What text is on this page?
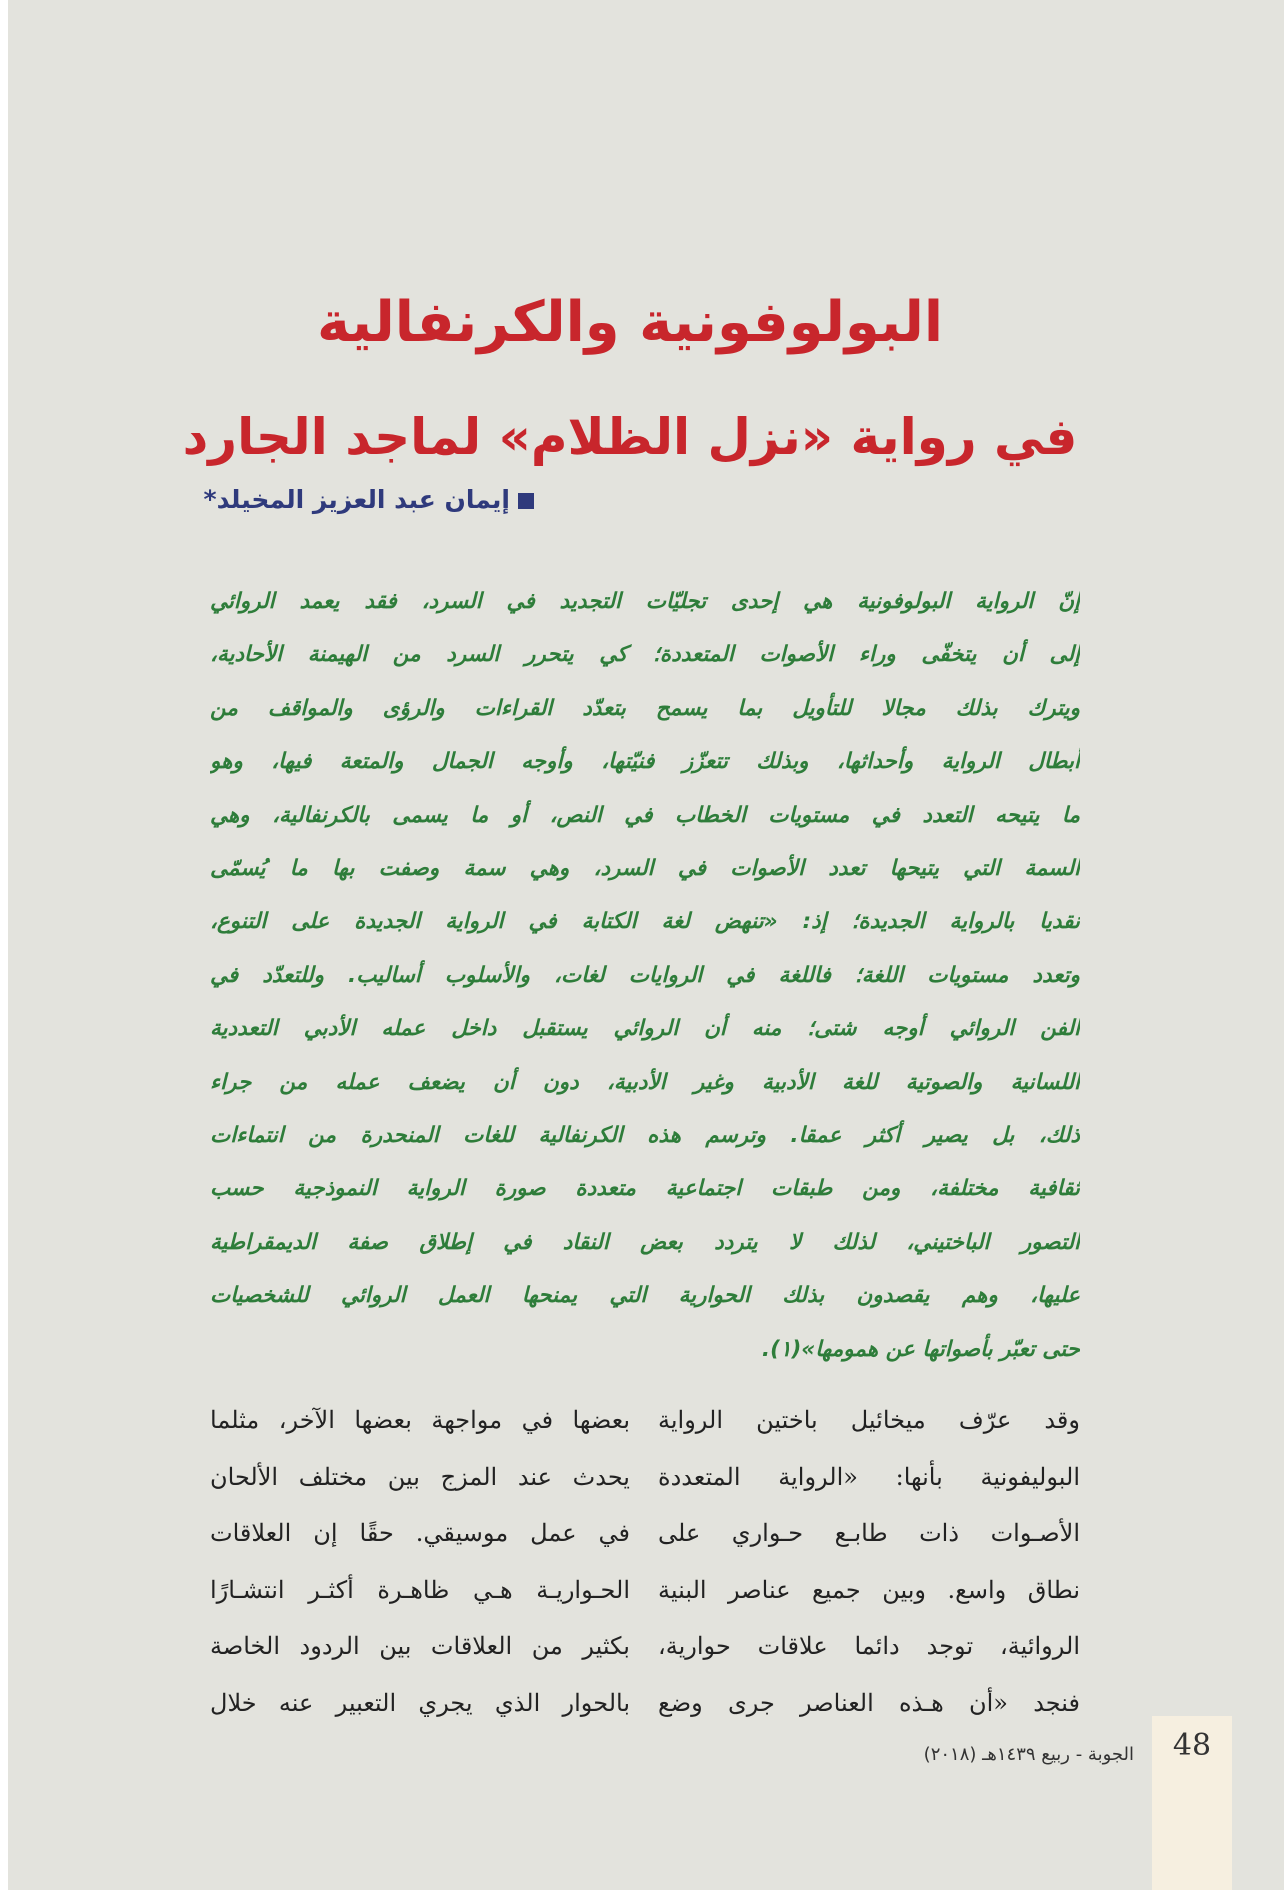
البولوفونية والكرنفالية
في رواية «نزل الظلام» لماجد الجارد
إيمان عبد العزيز المخيلد*
إنّ الرواية البولوفونية هي إحدى تجليّات التجديد في السرد، فقد يعمد الروائي
إلى أن يتخفّى وراء الأصوات المتعددة؛ كي يتحرر السرد من الهيمنة الأحادية،
ويترك بذلك مجالا للتأويل بما يسمح بتعدّد القراءات والرؤى والمواقف من
أبطال الرواية وأحداثها، وبذلك تتعزّز فنيّتها، وأوجه الجمال والمتعة فيها، وهو
ما يتيحه التعدد في مستويات الخطاب في النص، أو ما يسمى بالكرنفالية، وهي
السمة التي يتيحها تعدد الأصوات في السرد، وهي سمة وصفت بها ما يُسمّى
نقديا بالرواية الجديدة؛ إذ: «تنهض لغة الكتابة في الرواية الجديدة على التنوع،
وتعدد مستويات اللغة؛ فاللغة في الروايات لغات، والأسلوب أساليب. وللتعدّد في
الفن الروائي أوجه شتى؛ منه أن الروائي يستقبل داخل عمله الأدبي التعددية
اللسانية والصوتية للغة الأدبية وغير الأدبية، دون أن يضعف عمله من جراء
ذلك، بل يصير أكثر عمقا. وترسم هذه الكرنفالية للغات المنحدرة من انتماءات
ثقافية مختلفة، ومن طبقات اجتماعية متعددة صورة الرواية النموذجية حسب
التصور الباختيني، لذلك لا يتردد بعض النقاد في إطلاق صفة الديمقراطية
عليها، وهم يقصدون بذلك الحوارية التي يمنحها العمل الروائي للشخصيات
حتى تعبّر بأصواتها عن همومها»(١).
وقد عرّف ميخائيل باختين الرواية
البوليفونية بأنها: «الرواية المتعددة
الأصـوات ذات طابـع حـواري على
نطاق واسع. وبين جميع عناصر البنية
الروائية، توجد دائما علاقات حوارية،
فنجد «أن هـذه العناصر جرى وضع
بعضها في مواجهة بعضها الآخر، مثلما
يحدث عند المزج بين مختلف الألحان
في عمل موسيقي. حقًا إن العلاقات
الحـواريـة هـي ظاهـرة أكثـر انتشـارًا
بكثير من العلاقات بين الردود الخاصة
بالحوار الذي يجري التعبير عنه خلال
48
الجوبة - ربيع ١٤٣٩هـ (٢٠١٨)
